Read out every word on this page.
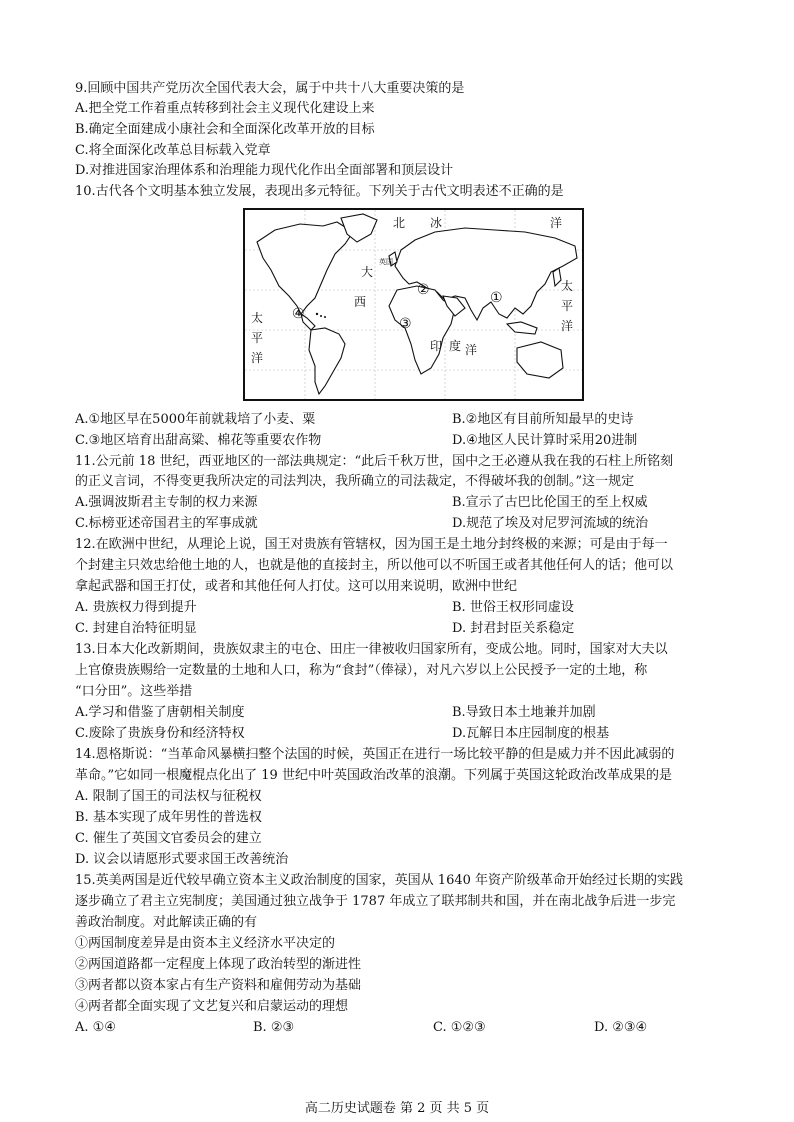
9.回顾中国共产党历次全国代表大会，属于中共十八大重要决策的是
A.把全党工作着重点转移到社会主义现代化建设上来
B.确定全面建成小康社会和全面深化改革开放的目标
C.将全面深化改革总目标载入党章
D.对推进国家治理体系和治理能力现代化作出全面部署和顶层设计
10.古代各个文明基本独立发展，表现出多元特征。下列关于古代文明表述不正确的是
北 冰	洋
大
西
印 度 洋
太
平
洋
太
平
洋
英国
①
②
③
④
A.①地区早在5000年前就栽培了小麦、粟	B.②地区有目前所知最早的史诗
C.③地区培育出甜高粱、棉花等重要农作物	D.④地区人民计算时采用20进制
11.公元前 18 世纪，西亚地区的一部法典规定：“此后千秋万世，国中之王必遵从我在我的石柱上所铭刻
的正义言词，不得变更我所决定的司法判决，我所确立的司法裁定，不得破坏我的创制。”这一规定
A.强调波斯君主专制的权力来源	B.宣示了古巴比伦国王的至上权威
C.标榜亚述帝国君主的军事成就	D.规范了埃及对尼罗河流域的统治
12.在欧洲中世纪，从理论上说，国王对贵族有管辖权，因为国王是土地分封终极的来源；可是由于每一
个封建主只效忠给他土地的人，也就是他的直接封主，所以他可以不听国王或者其他任何人的话；他可以
拿起武器和国王打仗，或者和其他任何人打仗。这可以用来说明，欧洲中世纪
A. 贵族权力得到提升	B. 世俗王权形同虚设
C. 封建自治特征明显	D. 封君封臣关系稳定
13.日本大化改新期间，贵族奴隶主的屯仓、田庄一律被收归国家所有，变成公地。同时，国家对大夫以
上官僚贵族赐给一定数量的土地和人口，称为“食封”（俸禄），对凡六岁以上公民授予一定的土地，称
“口分田”。这些举措
A.学习和借鉴了唐朝相关制度	B.导致日本土地兼并加剧
C.废除了贵族身份和经济特权	D.瓦解日本庄园制度的根基
14.恩格斯说：“当革命风暴横扫整个法国的时候，英国正在进行一场比较平静的但是威力并不因此减弱的
革命。”它如同一根魔棍点化出了 19 世纪中叶英国政治改革的浪潮。下列属于英国这轮政治改革成果的是
A. 限制了国王的司法权与征税权
B. 基本实现了成年男性的普选权
C. 催生了英国文官委员会的建立
D. 议会以请愿形式要求国王改善统治
15.英美两国是近代较早确立资本主义政治制度的国家，英国从 1640 年资产阶级革命开始经过长期的实践
逐步确立了君主立宪制度；美国通过独立战争于 1787 年成立了联邦制共和国，并在南北战争后进一步完
善政治制度。对此解读正确的有
①两国制度差异是由资本主义经济水平决定的
②两国道路都一定程度上体现了政治转型的渐进性
③两者都以资本家占有生产资料和雇佣劳动为基础
④两者都全面实现了文艺复兴和启蒙运动的理想
A. ①④	B. ②③	C. ①②③	D. ②③④
高二历史试题卷 第 2 页 共 5 页
